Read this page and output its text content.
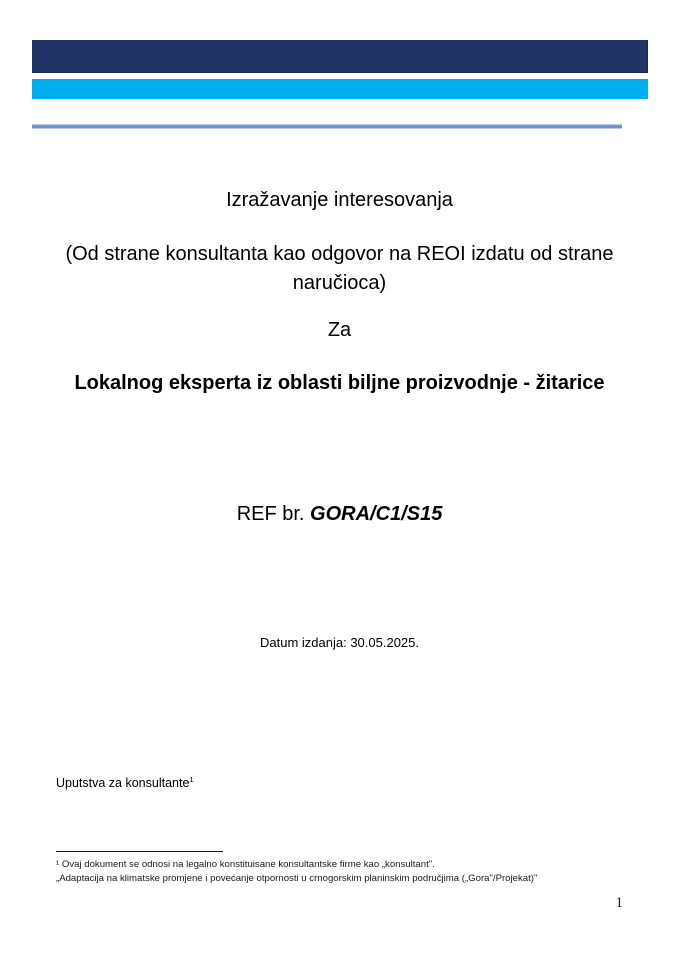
Izražavanje interesovanja
(Od strane konsultanta kao odgovor na REOI izdatu od strane naručioca)
Za
Lokalnog eksperta iz oblasti biljne proizvodnje - žitarice
REF br. GORA/C1/S15
Datum izdanja: 30.05.2025.
Uputstva za konsultante$^1$

¹ Ovaj dokument se odnosi na legalno konstituisane konsultantske firme kao „konsultant".

„Adaptacija na klimatske promjene i povećanje otpornosti u crnogorskim planinskim područjima („Gora"/Projekat)"

1
